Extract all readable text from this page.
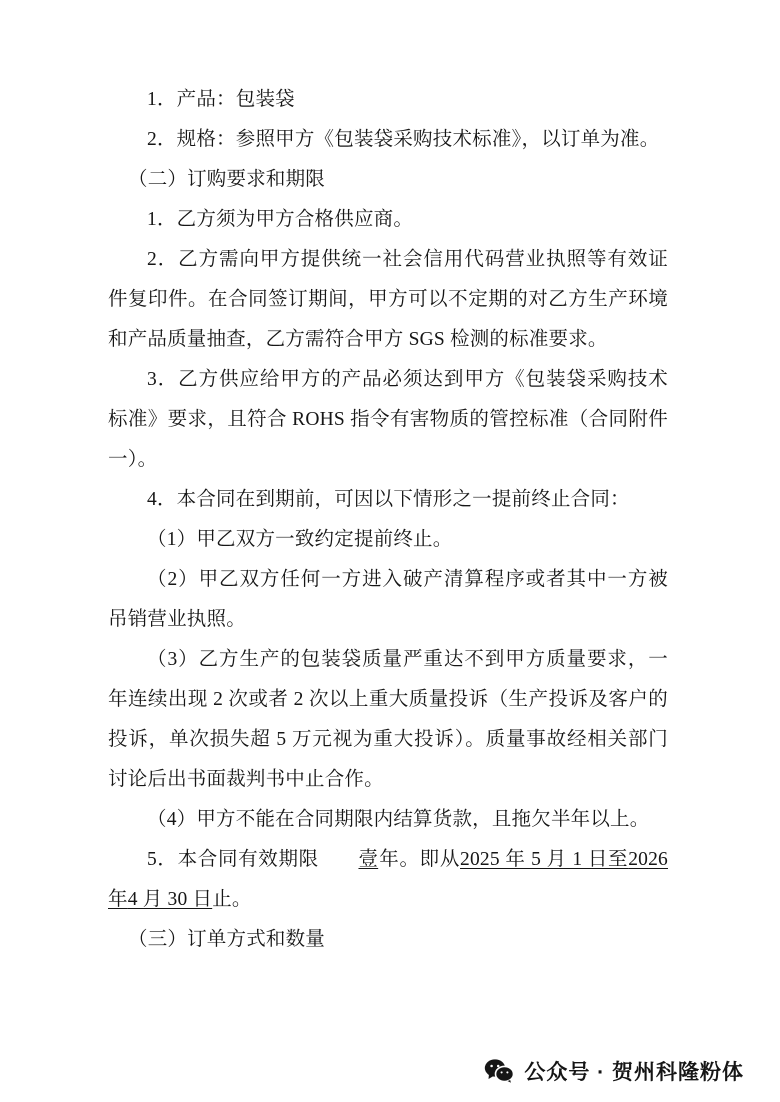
1．产品：包装袋

2．规格：参照甲方《包装袋采购技术标准》，以订单为准。

（二）订购要求和期限

1．乙方须为甲方合格供应商。

2．乙方需向甲方提供统一社会信用代码营业执照等有效证件复印件。在合同签订期间，甲方可以不定期的对乙方生产环境和产品质量抽查，乙方需符合甲方 SGS 检测的标准要求。

3．乙方供应给甲方的产品必须达到甲方《包装袋采购技术标准》要求，且符合 ROHS 指令有害物质的管控标准（合同附件一）。

4．本合同在到期前，可因以下情形之一提前终止合同：

（1）甲乙双方一致约定提前终止。

（2）甲乙双方任何一方进入破产清算程序或者其中一方被吊销营业执照。

（3）乙方生产的包装袋质量严重达不到甲方质量要求，一年连续出现 2 次或者 2 次以上重大质量投诉（生产投诉及客户的投诉，单次损失超 5 万元视为重大投诉）。质量事故经相关部门讨论后出书面裁判书中止合作。

（4）甲方不能在合同期限内结算货款，且拖欠半年以上。

5．本合同有效期限 壹年。即从2025 年 5 月 1 日至2026 年4 月 30 日止。

（三）订单方式和数量

公众号 · 贺州科隆粉体
